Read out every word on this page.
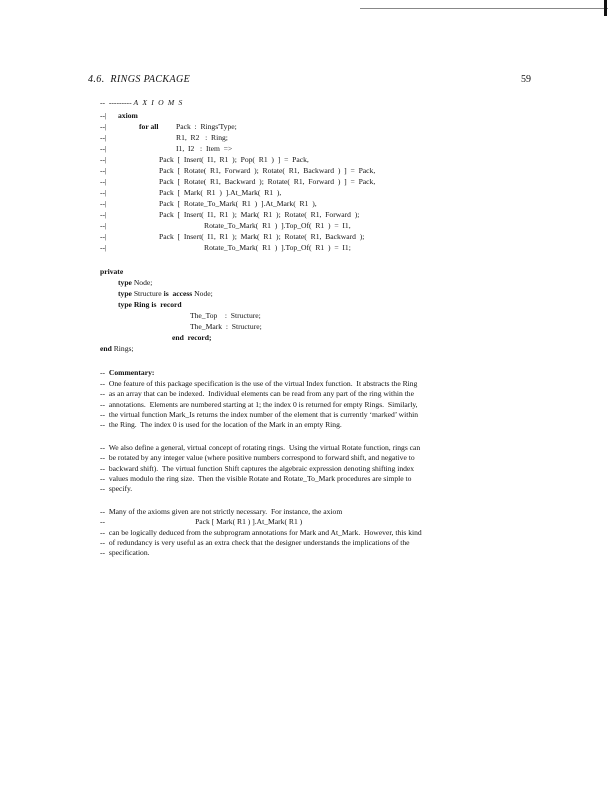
4.6.  RINGS PACKAGE	59
--  --------- A X I O M S
--| axiom
--|	for all Pack  :  Rings'Type;
--|	R1,  R2   :  Ring;
--|	I1,  I2   :  Item  =>
--|	Pack  [  Insert(  I1,  R1  );  Pop(  R1  )  ]  =  Pack,
--|	Pack  [  Rotate(  R1,  Forward  );  Rotate(  R1,  Backward  )  ]  =  Pack,
--|	Pack  [  Rotate(  R1,  Backward  );  Rotate(  R1,  Forward  )  ]  =  Pack,
--|	Pack  [  Mark(  R1  )  ].At_Mark(  R1  ),
--|	Pack  [  Rotate_To_Mark(  R1  )  ].At_Mark(  R1  ),
--|	Pack  [  Insert(  I1,  R1  );  Mark(  R1  );  Rotate(  R1,  Forward  );
--|	Rotate_To_Mark(  R1  )  ].Top_Of(  R1  )  =  I1,
--|	Pack  [  Insert(  I1,  R1  );  Mark(  R1  );  Rotate(  R1,  Backward  );
--|	Rotate_To_Mark(  R1  )  ].Top_Of(  R1  )  =  I1;
private
type Node;
type Structure is  access Node;
type Ring is  record
The_Top    :  Structure;
The_Mark  :  Structure;
end  record;
end Rings;
-- Commentary:
-- One feature of this package specification is the use of the virtual Index function.  It abstracts the Ring
-- as an array that can be indexed.  Individual elements can be read from any part of the ring within the
-- annotations.  Elements are numbered starting at 1; the index 0 is returned for empty Rings.  Similarly,
-- the virtual function Mark_Is returns the index number of the element that is currently ‘marked’ within
-- the Ring.  The index 0 is used for the location of the Mark in an empty Ring.
-- We also define a general, virtual concept of rotating rings.  Using the virtual Rotate function, rings can
-- be rotated by any integer value (where positive numbers correspond to forward shift, and negative to
-- backward shift).  The virtual function Shift captures the algebraic expression denoting shifting index
-- values modulo the ring size.  Then the visible Rotate and Rotate_To_Mark procedures are simple to
-- specify.
-- Many of the axioms given are not strictly necessary.  For instance, the axiom
--	Pack [ Mark( R1 ) ].At_Mark( R1 )
-- can be logically deduced from the subprogram annotations for Mark and At_Mark.  However, this kind
-- of redundancy is very useful as an extra check that the designer understands the implications of the
-- specification.
